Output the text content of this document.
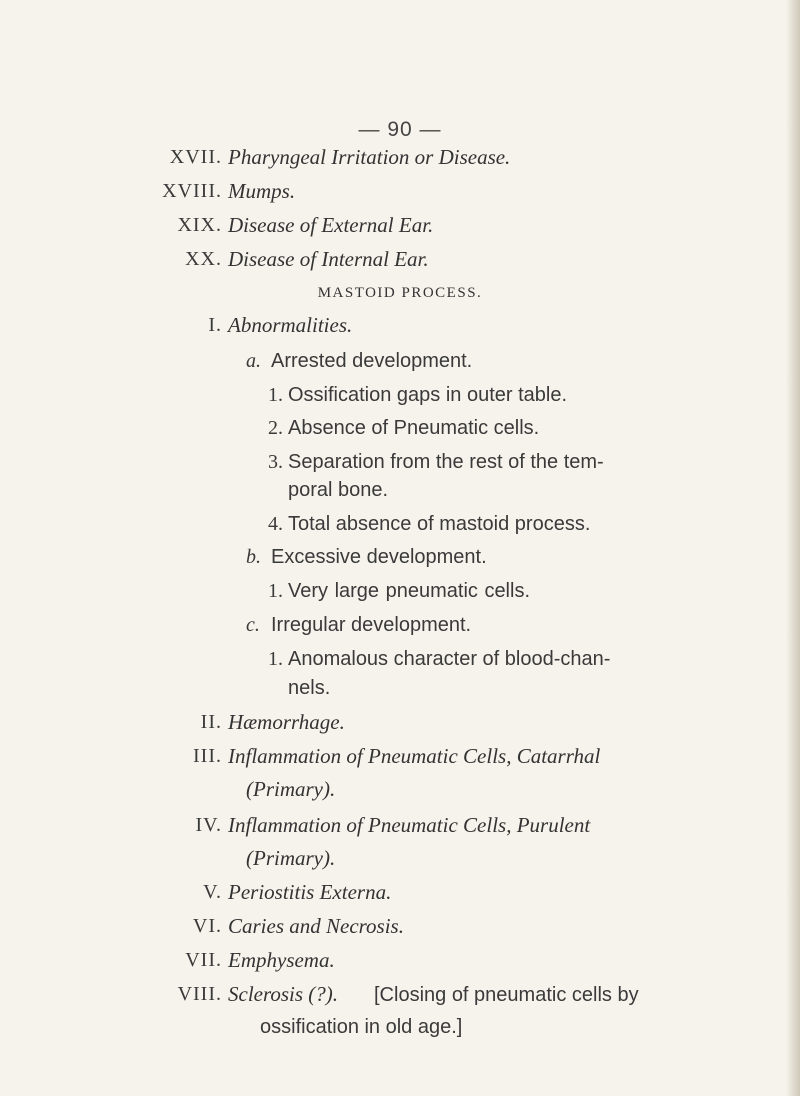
— 90 —
XVII. Pharyngeal Irritation or Disease.
XVIII. Mumps.
XIX. Disease of External Ear.
XX. Disease of Internal Ear.
MASTOID PROCESS.
I. Abnormalities.
a. Arrested development.
1. Ossification gaps in outer table.
2. Absence of Pneumatic cells.
3. Separation from the rest of the tem-
poral bone.
4. Total absence of mastoid process.
b. Excessive development.
1. Very large pneumatic cells.
c. Irregular development.
1. Anomalous character of blood-chan-
nels.
II. Hæmorrhage.
III. Inflammation of Pneumatic Cells, Catarrhal
(Primary).
IV. Inflammation of Pneumatic Cells, Purulent
(Primary).
V. Periostitis Externa.
VI. Caries and Necrosis.
VII. Emphysema.
VIII. Sclerosis (?). [Closing of pneumatic cells by
ossification in old age.]
